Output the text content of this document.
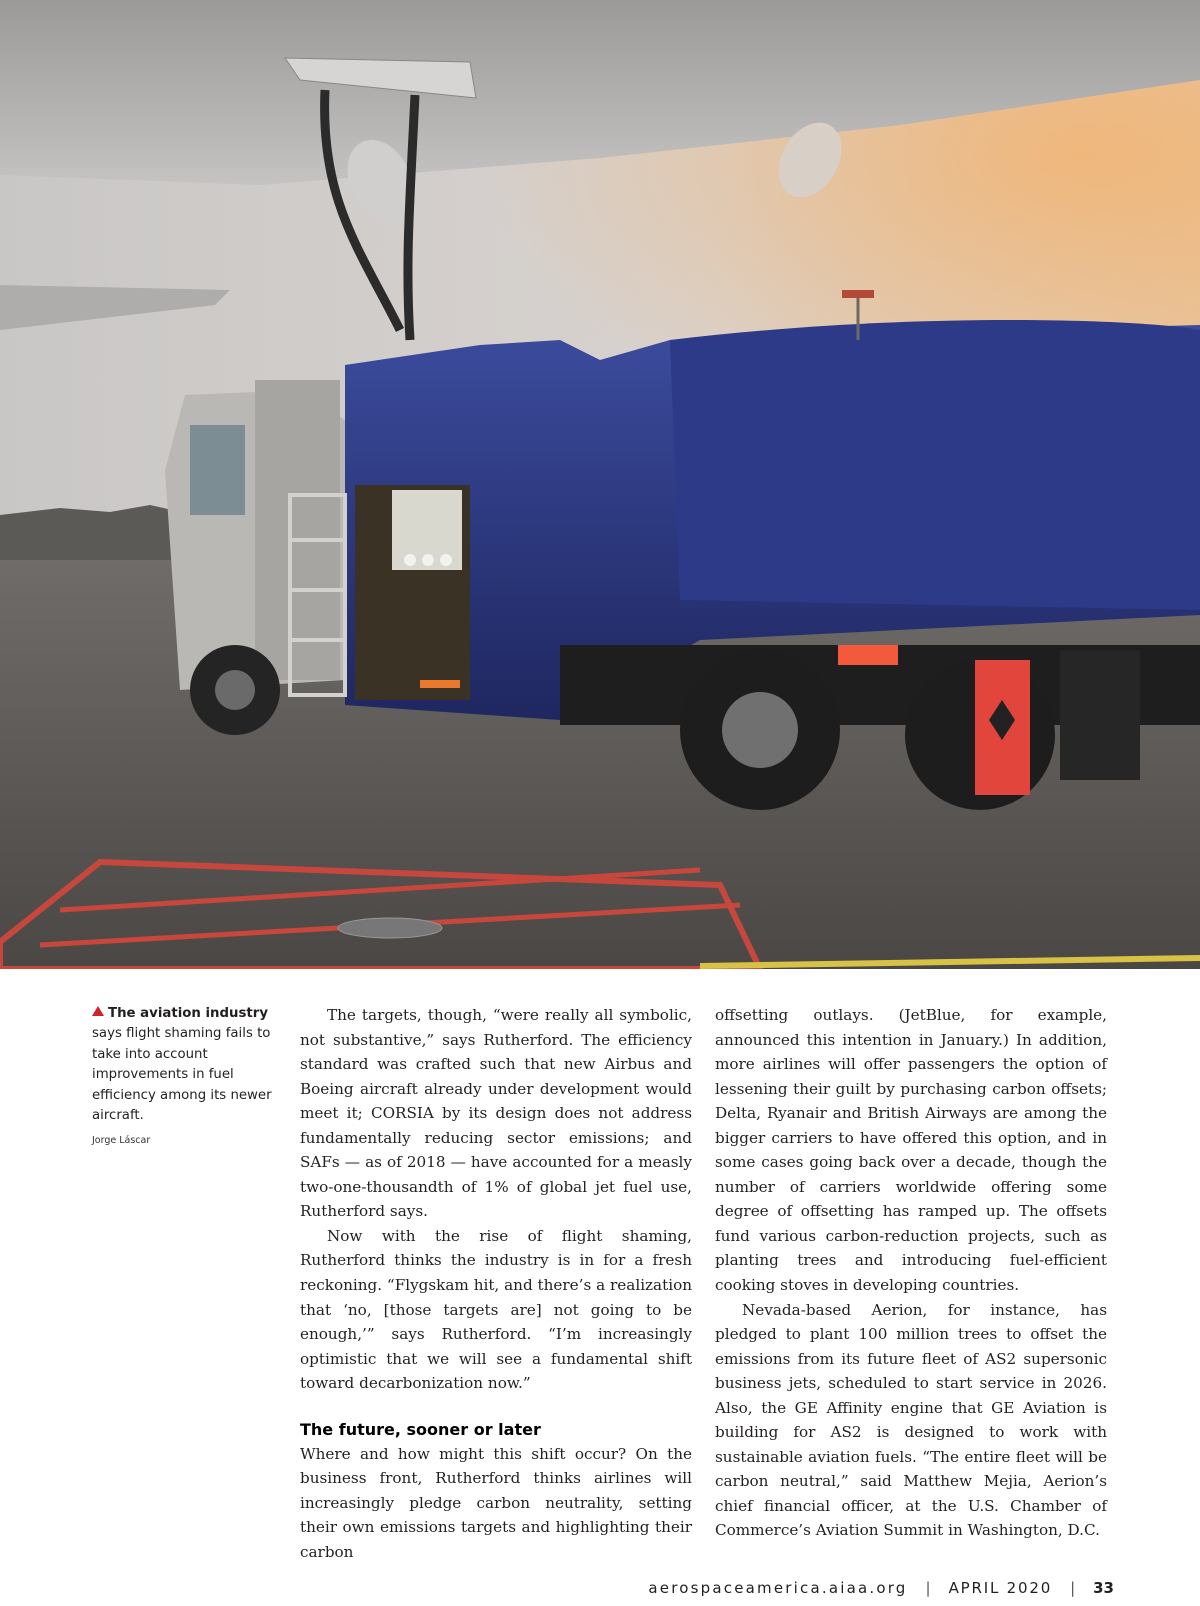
The aviation industry says flight shaming fails to take into account improvements in fuel efficiency among its newer aircraft.
Jorge Láscar

The targets, though, “were really all symbolic, not substantive,” says Rutherford. The efficiency standard was crafted such that new Airbus and Boeing aircraft already under development would meet it; CORSIA by its design does not address fundamentally reducing sector emissions; and SAFs — as of 2018 — have accounted for a measly two-one-thousandth of 1% of global jet fuel use, Rutherford says.

Now with the rise of flight shaming, Rutherford thinks the industry is in for a fresh reckoning. “Flygskam hit, and there’s a realization that ‘no, [those targets are] not going to be enough,’” says Rutherford. “I’m increasingly optimistic that we will see a fundamental shift toward decarbonization now.”

The future, sooner or later

Where and how might this shift occur? On the business front, Rutherford thinks airlines will increasingly pledge carbon neutrality, setting their own emissions targets and highlighting their carbon

offsetting outlays. (JetBlue, for example, announced this intention in January.) In addition, more airlines will offer passengers the option of lessening their guilt by purchasing carbon offsets; Delta, Ryanair and British Airways are among the bigger carriers to have offered this option, and in some cases going back over a decade, though the number of carriers worldwide offering some degree of offsetting has ramped up. The offsets fund various carbon-reduction projects, such as planting trees and introducing fuel-efficient cooking stoves in developing countries.

Nevada-based Aerion, for instance, has pledged to plant 100 million trees to offset the emissions from its future fleet of AS2 supersonic business jets, scheduled to start service in 2026. Also, the GE Affinity engine that GE Aviation is building for AS2 is designed to work with sustainable aviation fuels. “The entire fleet will be carbon neutral,” said Matthew Mejia, Aerion’s chief financial officer, at the U.S. Chamber of Commerce’s Aviation Summit in Washington, D.C.

aerospaceamerica.aiaa.org | APRIL 2020 | 33
